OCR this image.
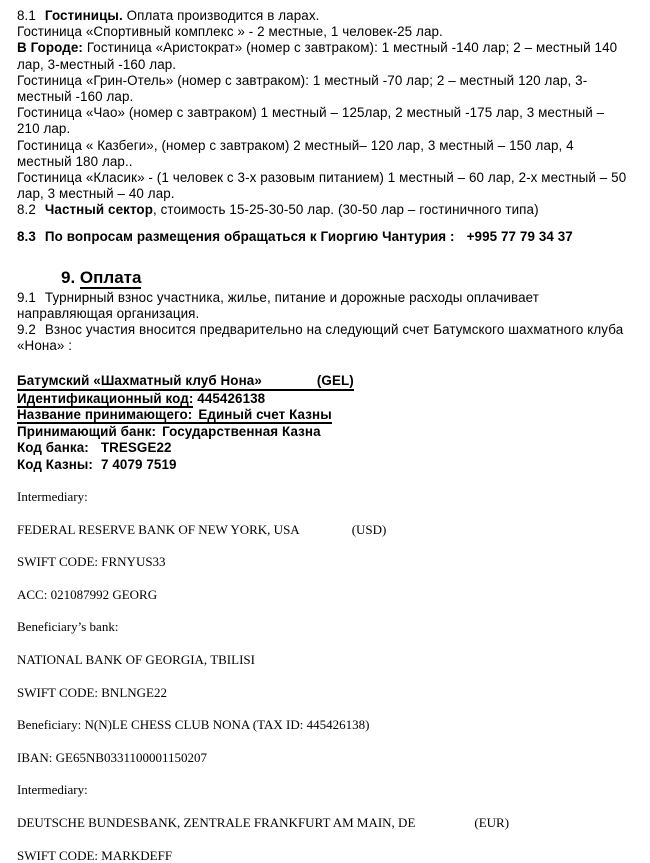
8.1 Гостиницы. Оплата производится в ларах.

Гостиница «Спортивный комплекс » - 2 местные, 1 человек-25 лар.

В Городе: Гостиница «Аристократ» (номер с завтраком): 1 местный -140 лар; 2 – местный 140 лар, 3-местный -160 лар.

Гостиница «Грин-Отель» (номер с завтраком): 1 местный -70 лар; 2 – местный 120 лар, 3-местный -160 лар.

Гостиница «Чао» (номер с завтраком) 1 местный – 125лар, 2 местный -175 лар, 3 местный – 210 лар.

Гостиница « Казбеги», (номер с завтраком) 2 местный– 120 лар, 3 местный – 150 лар, 4 местный 180 лар..

Гостиница «Класик» - (1 человек с 3-х разовым питанием) 1 местный – 60 лар, 2-х местный – 50 лар, 3 местный – 40 лар.

8.2 Частный сектор, стоимость 15-25-30-50 лар. (30-50 лар – гостиничного типа)

8.3 По вопросам размещения обращаться к Гиоргию Чантурия : +995 77 79 34 37

9. Оплата

9.1 Турнирный взнос участника, жилье, питание и дорожные расходы оплачивает направляющая организация.

9.2 Взнос участия вносится предварительно на следующий счет Батумского шахматного клуба «Нона» :

Батумский «Шахматный клуб Нона»	(GEL)

Идентификационный код: 445426138

Название принимающего: Единый счет Казны

Принимающий банк: Государственная Казна

Код банка: TRESGE22

Код Казны: 7 4079 7519

Intermediary:

FEDERAL RESERVE BANK OF NEW YORK, USA	(USD)

SWIFT CODE: FRNYUS33

ACC: 021087992 GEORG

Beneficiary’s bank:

NATIONAL BANK OF GEORGIA, TBILISI

SWIFT CODE: BNLNGE22

Beneficiary: N(N)LE CHESS CLUB NONA (TAX ID: 445426138)

IBAN: GE65NB0331100001150207

Intermediary:

DEUTSCHE BUNDESBANK, ZENTRALE FRANKFURT AM MAIN, DE	(EUR)

SWIFT CODE: MARKDEFF
